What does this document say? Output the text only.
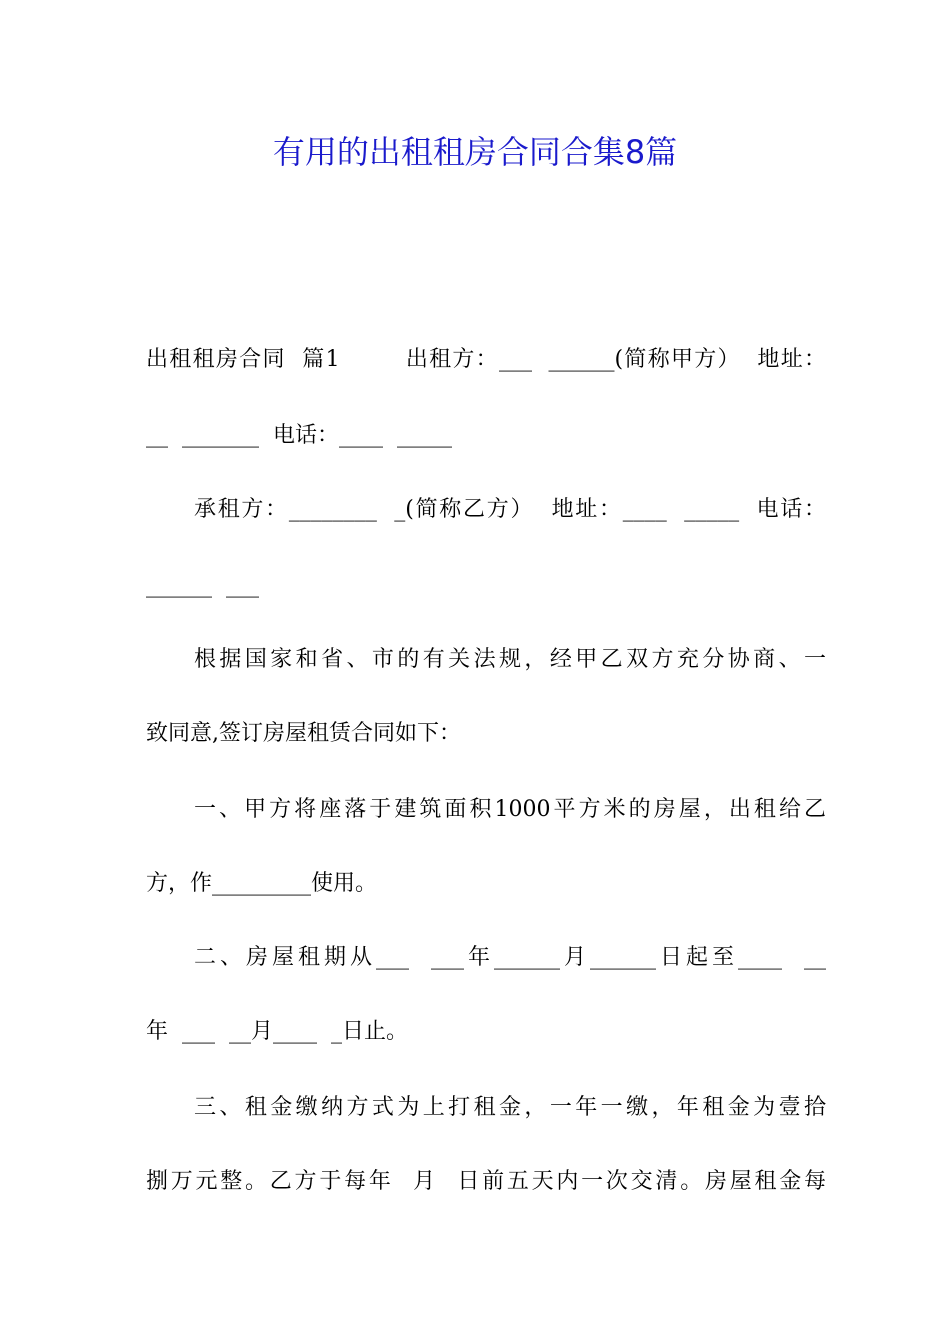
有用的出租租房合同合集8篇
出租租房合同  篇1        出租方：___  ______(简称甲方）  地址：
__  _______  电话：____  _____
承租方：________  _(简称乙方）  地址：____  _____  电话：
______  ___
根据国家和省、市的有关法规，经甲乙双方充分协商、一
致同意,签订房屋租赁合同如下：
一、甲方将座落于建筑面积1000平方米的房屋，出租给乙
方，作_________使用。
二、房屋租期从___  ___年______月______日起至____  __
年  ___  __月____  _日止。
三、租金缴纳方式为上打租金，一年一缴，年租金为壹拾
捌万元整。乙方于每年  月  日前五天内一次交清。房屋租金每
